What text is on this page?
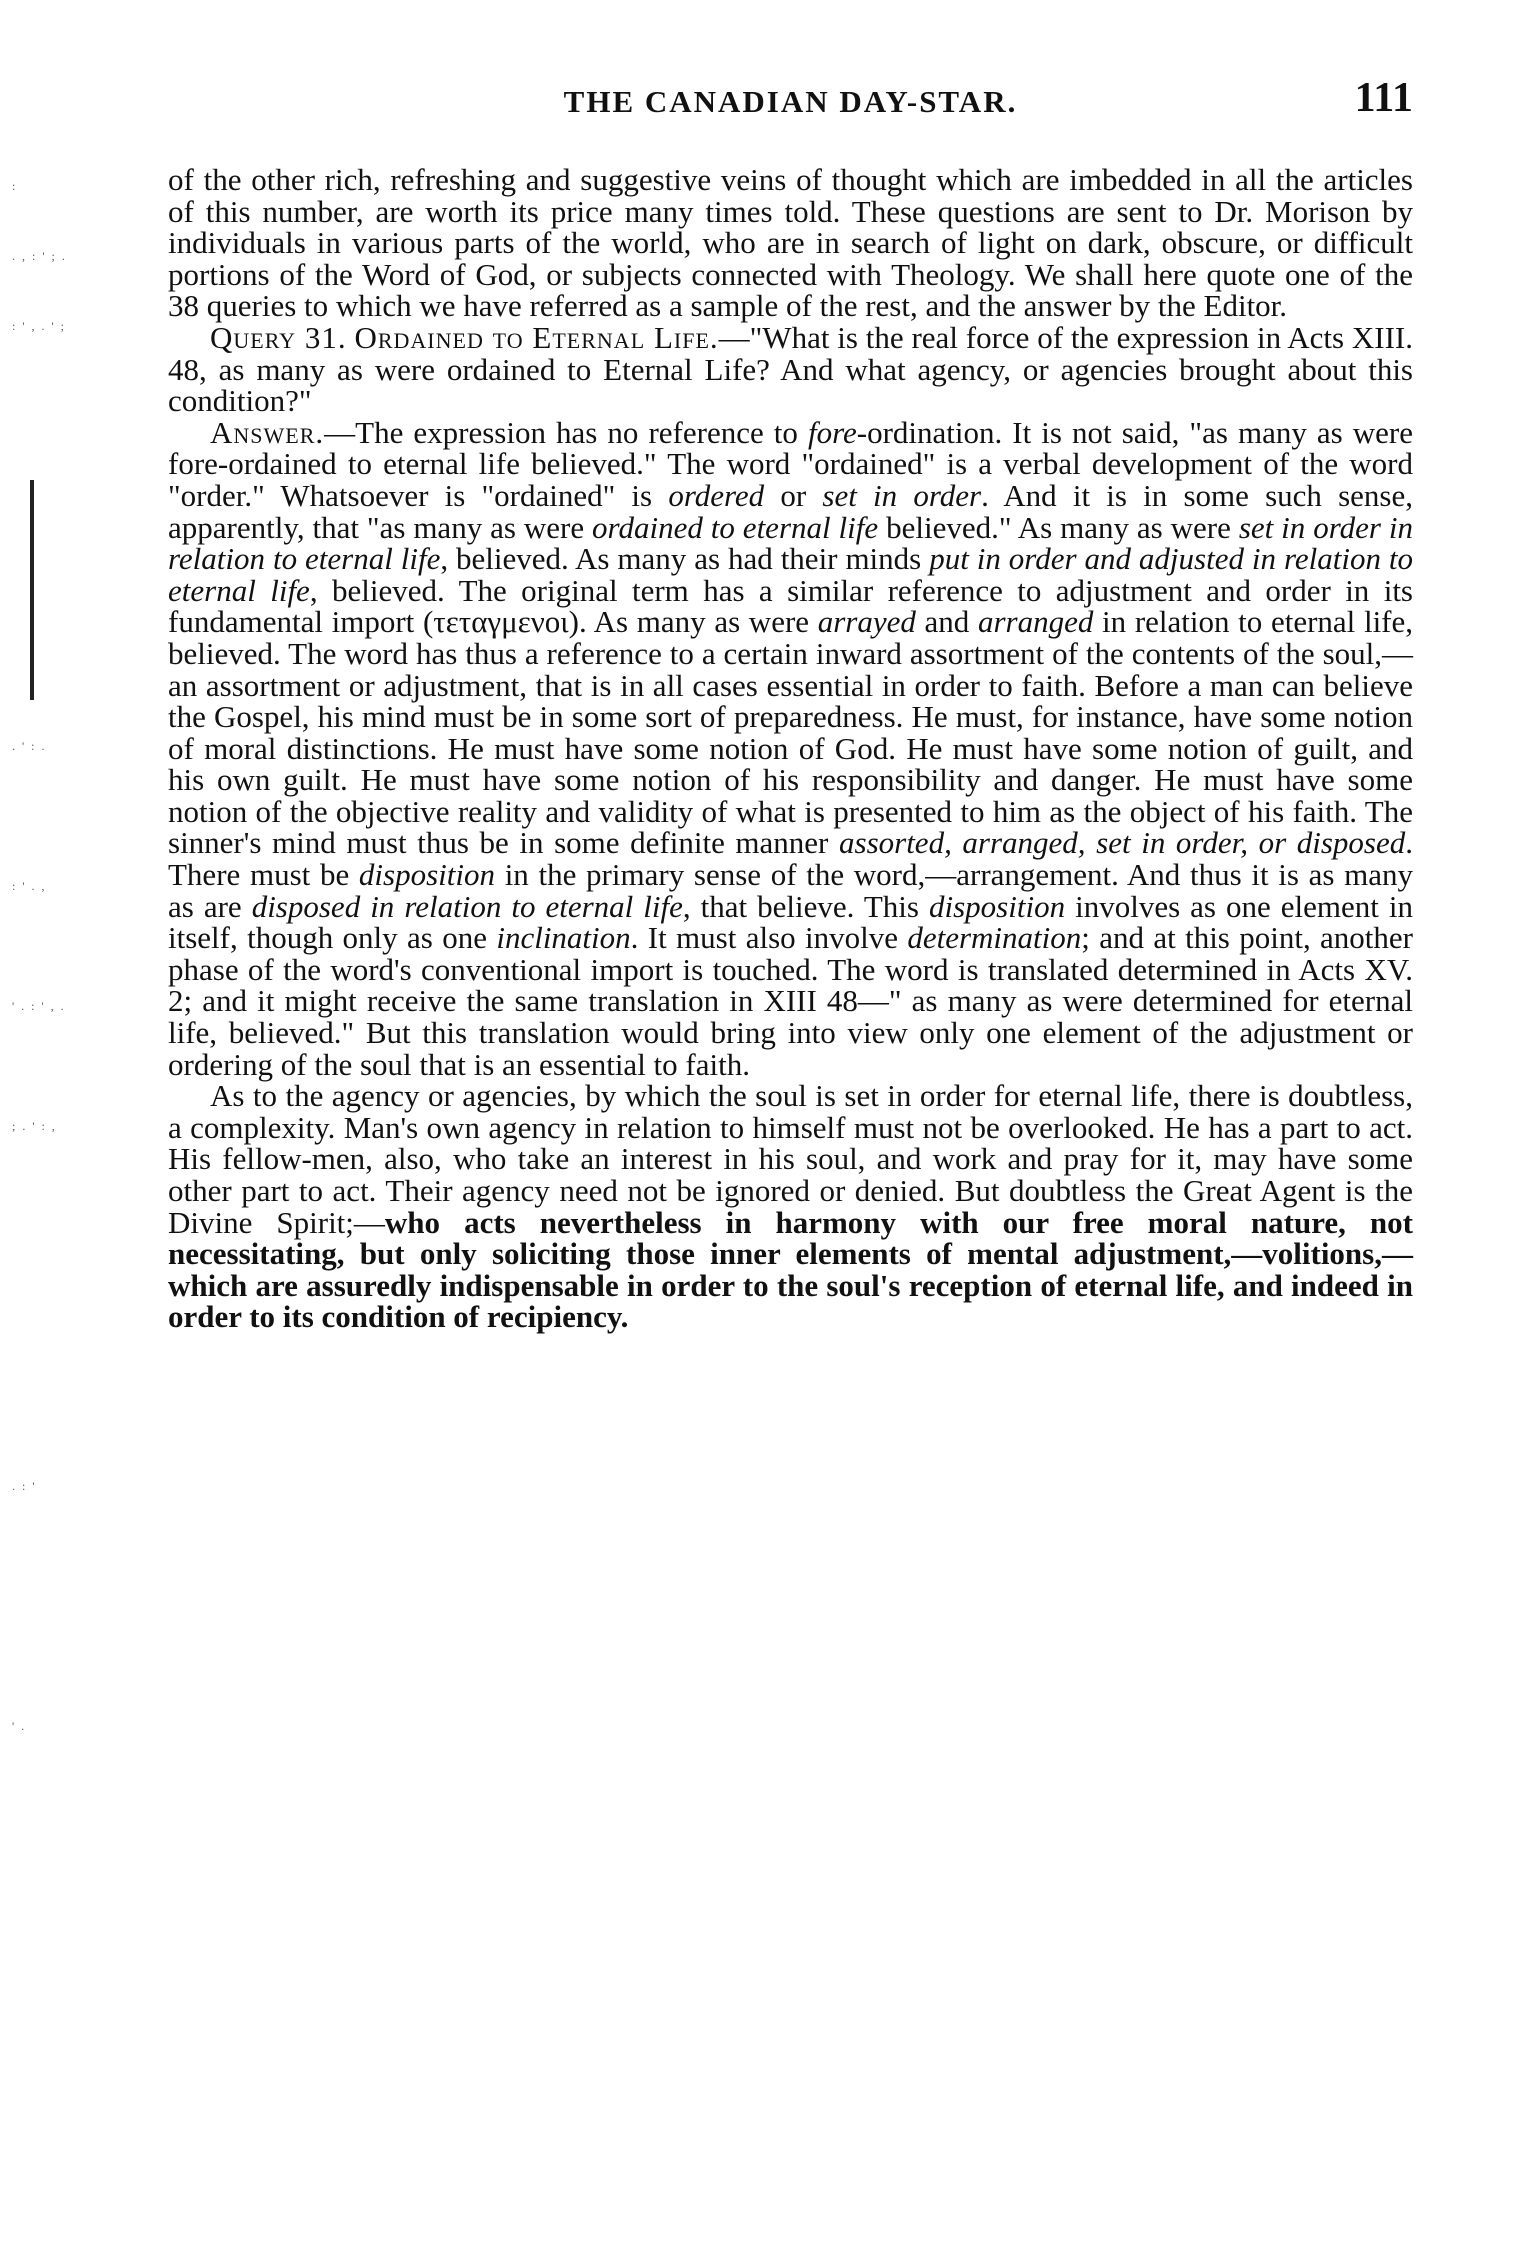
THE CANADIAN DAY-STAR.	111
:
. , : ' ; .
: ' , . ' ;
. ' : .
: ' . ,
' . : ' , .
; . ' : ,
. : '
' .

of the other rich, refreshing and suggestive veins of thought which are imbedded in all the articles of this number, are worth its price many times told. These questions are sent to Dr. Morison by individuals in various parts of the world, who are in search of light on dark, obscure, or difficult portions of the Word of God, or subjects connected with Theology. We shall here quote one of the 38 queries to which we have referred as a sample of the rest, and the answer by the Editor.

Query 31. Ordained to Eternal Life.—"What is the real force of the expression in Acts XIII. 48, as many as were ordained to Eternal Life? And what agency, or agencies brought about this condition?"

Answer.—The expression has no reference to fore-ordination. It is not said, "as many as were fore-ordained to eternal life believed." The word "ordained" is a verbal development of the word "order." Whatsoever is "ordained" is ordered or set in order. And it is in some such sense, apparently, that "as many as were ordained to eternal life believed." As many as were set in order in relation to eternal life, believed. As many as had their minds put in order and adjusted in relation to eternal life, believed. The original term has a similar reference to adjustment and order in its fundamental import (τεταγμενοι). As many as were arrayed and arranged in relation to eternal life, believed. The word has thus a reference to a certain inward assortment of the contents of the soul,—an assortment or adjustment, that is in all cases essential in order to faith. Before a man can believe the Gospel, his mind must be in some sort of preparedness. He must, for instance, have some notion of moral distinctions. He must have some notion of God. He must have some notion of guilt, and his own guilt. He must have some notion of his responsibility and danger. He must have some notion of the objective reality and validity of what is presented to him as the object of his faith. The sinner's mind must thus be in some definite manner assorted, arranged, set in order, or disposed. There must be disposition in the primary sense of the word,—arrangement. And thus it is as many as are disposed in relation to eternal life, that believe. This disposition involves as one element in itself, though only as one inclination. It must also involve determination; and at this point, another phase of the word's conventional import is touched. The word is translated determined in Acts XV. 2; and it might receive the same translation in XIII 48—" as many as were determined for eternal life, believed." But this translation would bring into view only one element of the adjustment or ordering of the soul that is an essential to faith.

As to the agency or agencies, by which the soul is set in order for eternal life, there is doubtless, a complexity. Man's own agency in relation to himself must not be overlooked. He has a part to act. His fellow-men, also, who take an interest in his soul, and work and pray for it, may have some other part to act. Their agency need not be ignored or denied. But doubtless the Great Agent is the Divine Spirit;—who acts nevertheless in harmony with our free moral nature, not necessitating, but only soliciting those inner elements of mental adjustment,—volitions,—which are assuredly indispensable in order to the soul's reception of eternal life, and indeed in order to its condition of recipiency.
